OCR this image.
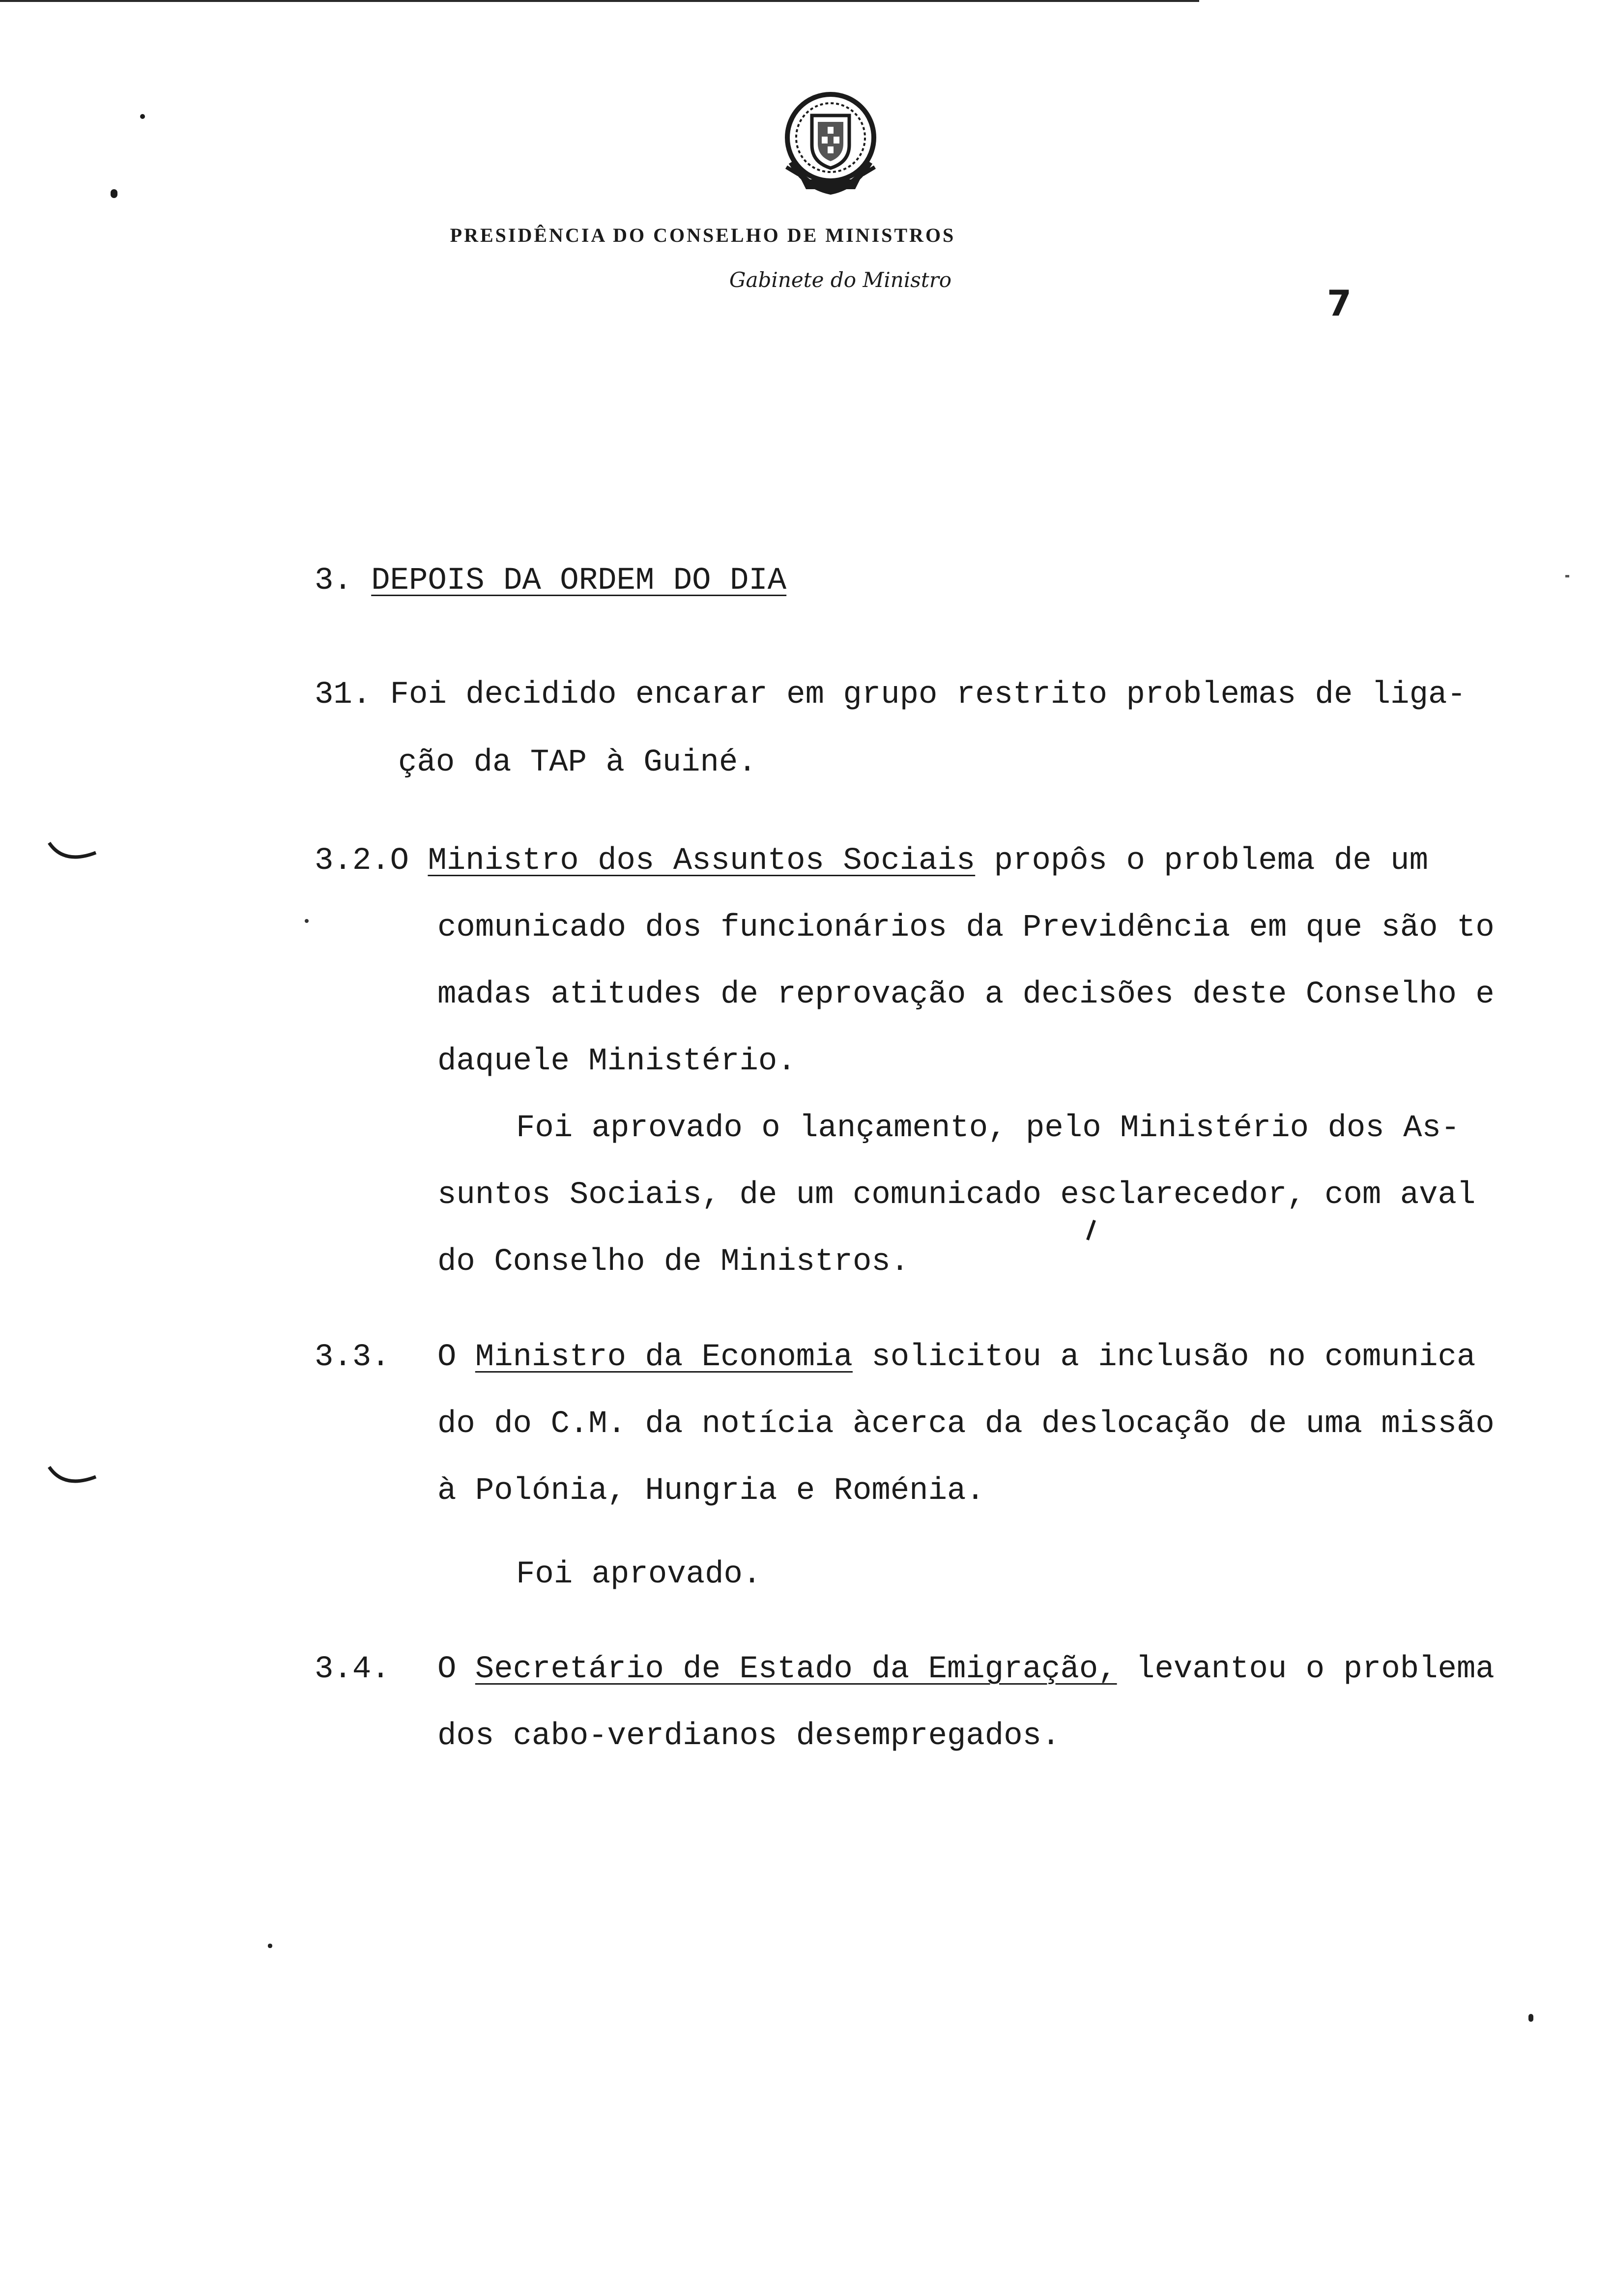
PRESIDÊNCIA DO CONSELHO DE MINISTROS
Gabinete do Ministro
7
3. DEPOIS DA ORDEM DO DIA
31. Foi decidido encarar em grupo restrito problemas de liga-
ção da TAP à Guiné.
3.2.O Ministro dos Assuntos Sociais propôs o problema de um
comunicado dos funcionários da Previdência em que são to
madas atitudes de reprovação a decisões deste Conselho e
daquele Ministério.
Foi aprovado o lançamento, pelo Ministério dos As-
suntos Sociais, de um comunicado esclarecedor, com aval
do Conselho de Ministros.
3.3. O Ministro da Economia solicitou a inclusão no comunica
do do C.M. da notícia àcerca da deslocação de uma missão
à Polónia, Hungria e Roménia.
Foi aprovado.
3.4. O Secretário de Estado da Emigração, levantou o problema
dos cabo-verdianos desempregados.
